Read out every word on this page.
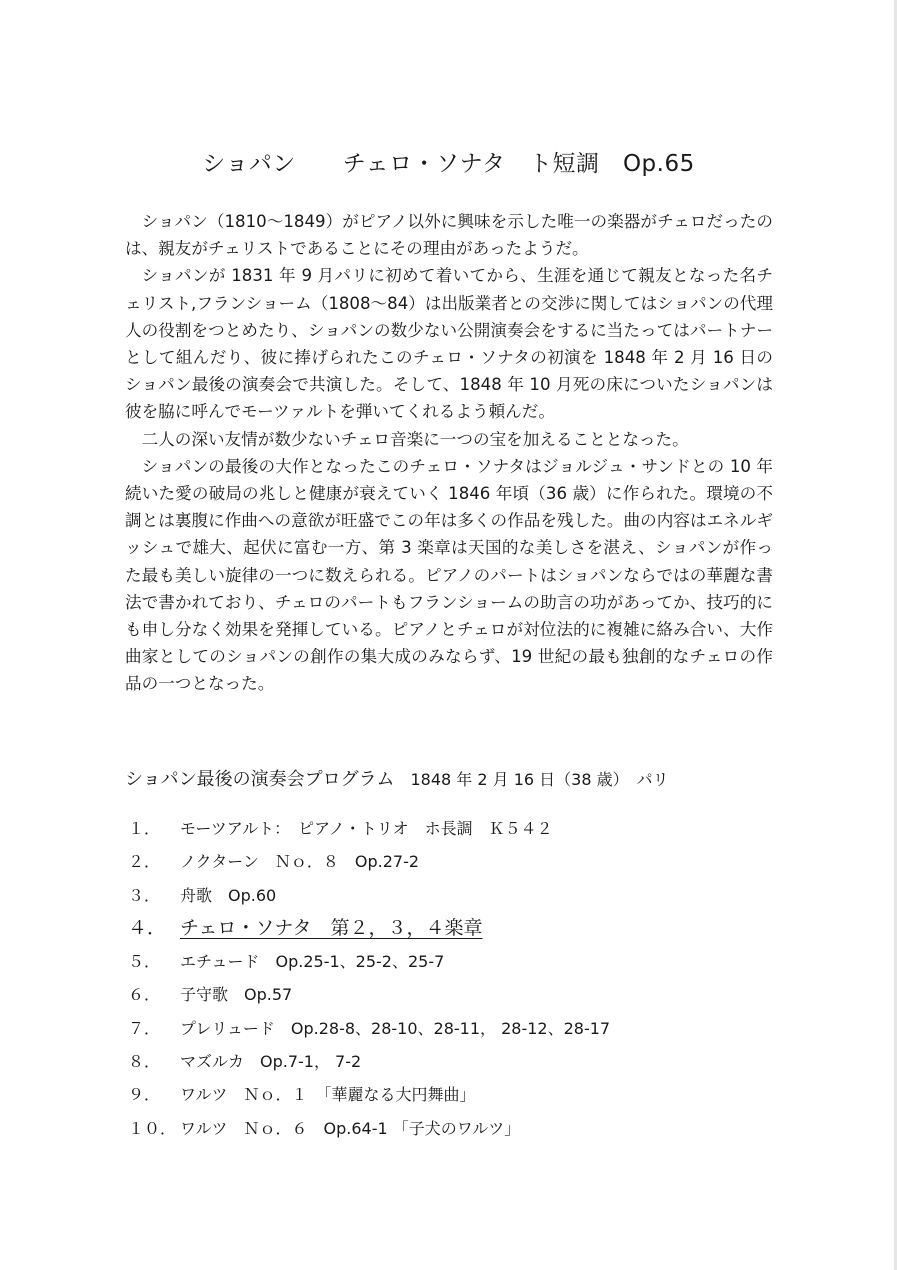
ショパン　　チェロ・ソナタ　ト短調　Op.65

ショパン（1810～1849）がピアノ以外に興味を示した唯一の楽器がチェロだったのは、親友がチェリストであることにその理由があったようだ。

ショパンが 1831 年 9 月パリに初めて着いてから、生涯を通じて親友となった名チェリスト,フランショーム（1808～84）は出版業者との交渉に関してはショパンの代理人の役割をつとめたり、ショパンの数少ない公開演奏会をするに当たってはパートナーとして組んだり、彼に捧げられたこのチェロ・ソナタの初演を 1848 年 2 月 16 日のショパン最後の演奏会で共演した。そして、1848 年 10 月死の床についたショパンは彼を脇に呼んでモーツァルトを弾いてくれるよう頼んだ。

二人の深い友情が数少ないチェロ音楽に一つの宝を加えることとなった。

ショパンの最後の大作となったこのチェロ・ソナタはジョルジュ・サンドとの 10 年続いた愛の破局の兆しと健康が衰えていく 1846 年頃（36 歳）に作られた。環境の不調とは裏腹に作曲への意欲が旺盛でこの年は多くの作品を残した。曲の内容はエネルギッシュで雄大、起伏に富む一方、第 3 楽章は天国的な美しさを湛え、ショパンが作った最も美しい旋律の一つに数えられる。ピアノのパートはショパンならではの華麗な書法で書かれており、チェロのパートもフランショームの助言の功があってか、技巧的にも申し分なく効果を発揮している。ピアノとチェロが対位法的に複雑に絡み合い、大作曲家としてのショパンの創作の集大成のみならず、19 世紀の最も独創的なチェロの作品の一つとなった。

ショパン最後の演奏会プログラム 1848 年 2 月 16 日（38 歳）　パリ
１．	モーツアルト：　ピアノ・トリオ　ホ長調　Ｋ５４２
２．	ノクターン　Ｎｏ．８　Op.27-2
３．	舟歌　Op.60
４． チェロ・ソナタ　第２，３，４楽章
５．	エチュード　Op.25-1、25-2、25-7
６．	子守歌　Op.57
７．	プレリュード　Op.28-8、28-10、28-11， 28-12、28-17
８．	マズルカ　Op.7-1， 7-2
９．	ワルツ　Ｎｏ．１　「華麗なる大円舞曲」
１０． ワルツ　Ｎｏ．６　Op.64-1 「子犬のワルツ」
